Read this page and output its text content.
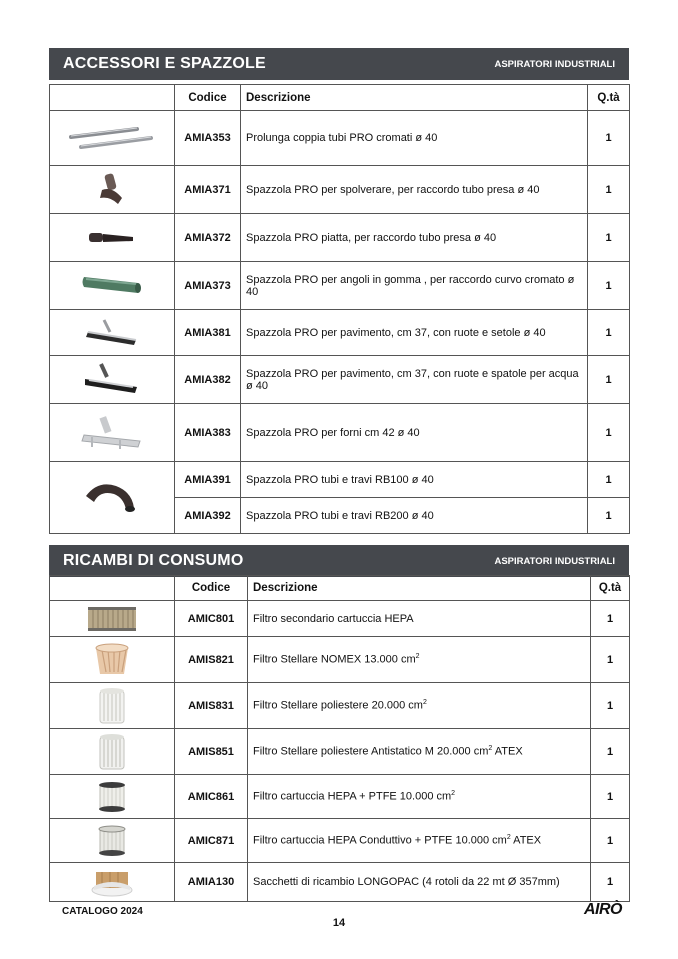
ACCESSORI E SPAZZOLE	ASPIRATORI INDUSTRIALI
	Codice	Descrizione	Q.tà

	AMIA353	Prolunga coppia tubi PRO cromati ø 40	1

	AMIA371	Spazzola PRO per spolverare, per raccordo tubo presa ø 40	1

	AMIA372	Spazzola PRO piatta, per raccordo tubo presa ø 40	1

	AMIA373	Spazzola PRO per angoli in gomma , per raccordo curvo cromato ø 40	1

	AMIA381	Spazzola PRO per pavimento, cm 37, con ruote e setole ø 40	1

	AMIA382	Spazzola PRO per pavimento, cm 37, con ruote e spatole per acqua ø 40	1

	AMIA383	Spazzola PRO per forni cm 42 ø 40	1

	AMIA391	Spazzola PRO tubi e travi RB100 ø 40	1
	AMIA392	Spazzola PRO tubi e travi RB200 ø 40	1
RICAMBI DI CONSUMO	ASPIRATORI INDUSTRIALI
	Codice	Descrizione	Q.tà

	AMIC801	Filtro secondario cartuccia HEPA	1

	AMIS821	Filtro Stellare NOMEX 13.000 $cm^2$	1

	AMIS831	Filtro Stellare poliestere 20.000 $cm^2$	1

	AMIS851	Filtro Stellare poliestere Antistatico M 20.000 $cm^2$ ATEX	1

	AMIC861	Filtro cartuccia HEPA + PTFE 10.000 $cm^2$	1

	AMIC871	Filtro cartuccia HEPA Conduttivo + PTFE 10.000 $cm^2$ ATEX	1

	AMIA130	Sacchetti di ricambio LONGOPAC (4 rotoli da 22 mt Ø 357mm)	1
CATALOGO 2024
14
AIRÒ
